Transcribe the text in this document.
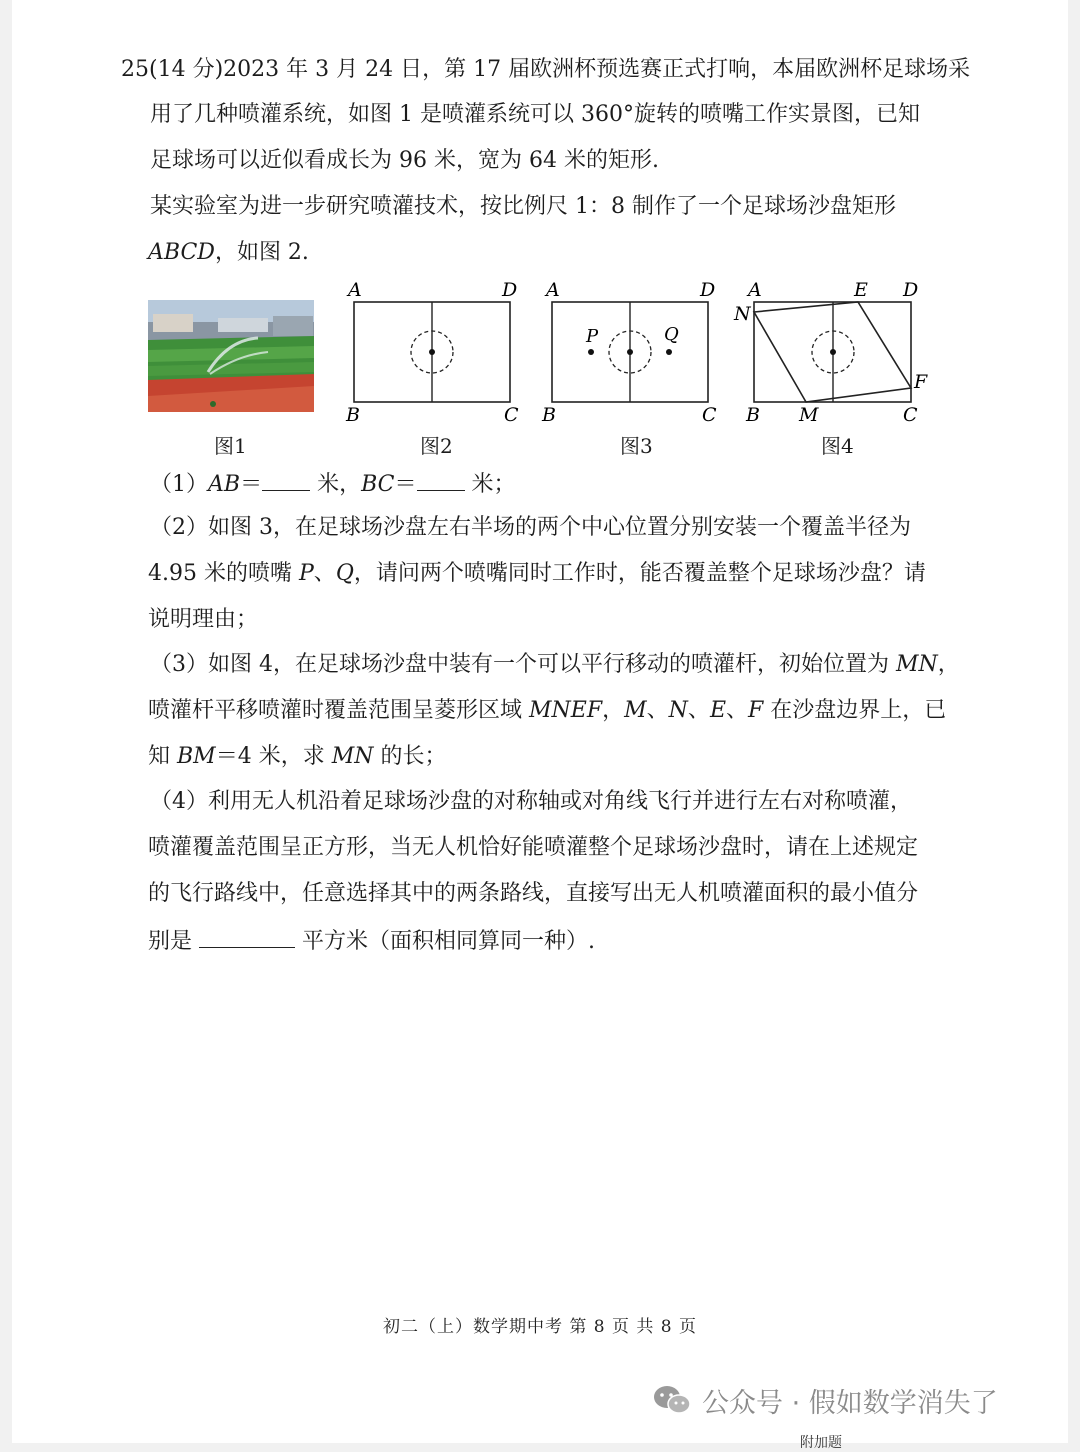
25(14 分)2023 年 3 月 24 日，第 17 届欧洲杯预选赛正式打响，本届欧洲杯足球场采
用了几种喷灌系统，如图 1 是喷灌系统可以 360°旋转的喷嘴工作实景图，已知
足球场可以近似看成长为 96 米，宽为 64 米的矩形.
某实验室为进一步研究喷灌技术，按比例尺 1：8 制作了一个足球场沙盘矩形
ABCD，如图 2.
图1
A	D
B	C
图2
P	Q
A	D
B	C
图3
A	E D
N
F
B M	C
图4
（1）AB＝ 米，BC＝ 米；
（2）如图 3，在足球场沙盘左右半场的两个中心位置分别安装一个覆盖半径为
4.95 米的喷嘴 P、Q，请问两个喷嘴同时工作时，能否覆盖整个足球场沙盘？请
说明理由；
（3）如图 4，在足球场沙盘中装有一个可以平行移动的喷灌杆，初始位置为 MN，
喷灌杆平移喷灌时覆盖范围呈菱形区域 MNEF，M、N、E、F 在沙盘边界上，已
知 BM＝4 米，求 MN 的长；
（4）利用无人机沿着足球场沙盘的对称轴或对角线飞行并进行左右对称喷灌，
喷灌覆盖范围呈正方形，当无人机恰好能喷灌整个足球场沙盘时，请在上述规定
的飞行路线中，任意选择其中的两条路线，直接写出无人机喷灌面积的最小值分
别是	平方米（面积相同算同一种）.
初二（上）数学期中考 第 8 页 共 8 页
公众号 · 假如数学消失了
附加题
